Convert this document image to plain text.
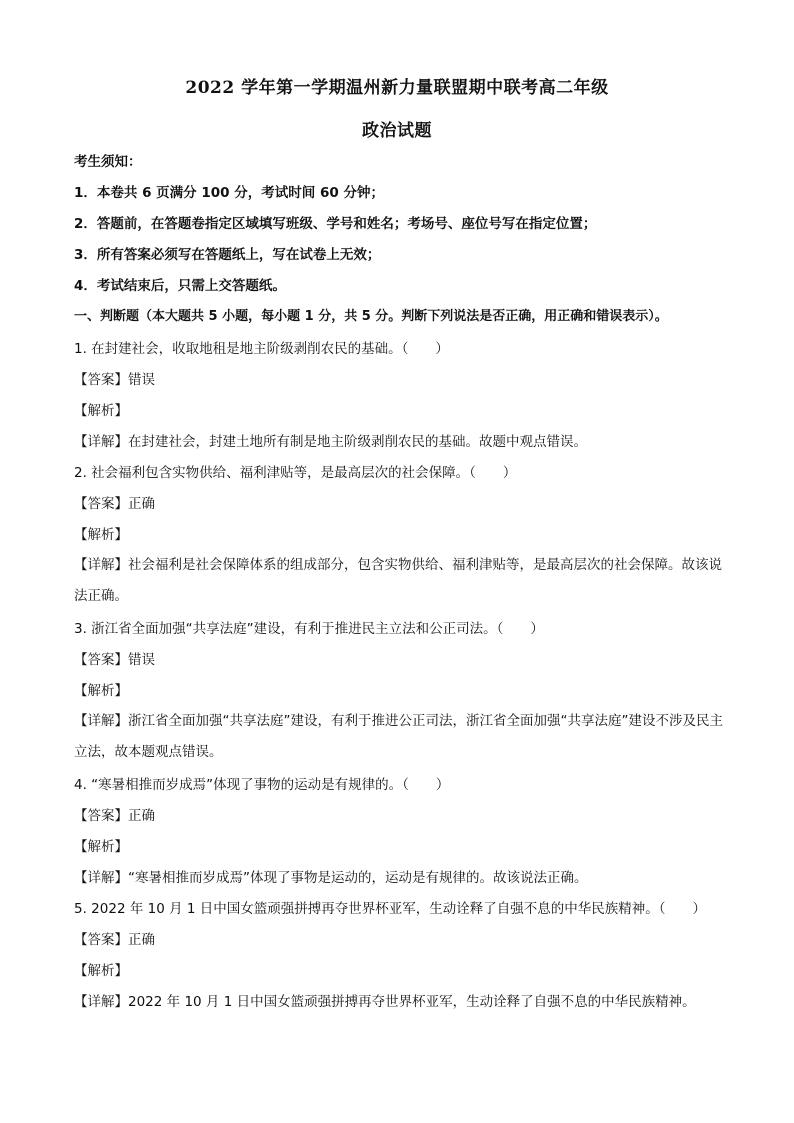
2022 学年第一学期温州新力量联盟期中联考高二年级
政治试题
考生须知：
1．本卷共 6 页满分 100 分，考试时间 60 分钟；
2．答题前，在答题卷指定区域填写班级、学号和姓名；考场号、座位号写在指定位置；
3．所有答案必须写在答题纸上，写在试卷上无效；
4．考试结束后，只需上交答题纸。
一、判断题（本大题共 5 小题，每小题 1 分，共 5 分。判断下列说法是否正确，用正确和错误表示）。
1. 在封建社会，收取地租是地主阶级剥削农民的基础。（　　）
【答案】错误
【解析】
【详解】在封建社会，封建土地所有制是地主阶级剥削农民的基础。故题中观点错误。
2. 社会福利包含实物供给、福利津贴等，是最高层次的社会保障。（　　）
【答案】正确
【解析】
【详解】社会福利是社会保障体系的组成部分，包含实物供给、福利津贴等，是最高层次的社会保障。故该说法正确。
3. 浙江省全面加强“共享法庭”建设，有利于推进民主立法和公正司法。（　　）
【答案】错误
【解析】
【详解】浙江省全面加强“共享法庭”建设，有利于推进公正司法，浙江省全面加强“共享法庭”建设不涉及民主立法，故本题观点错误。
4. “寒暑相推而岁成焉”体现了事物的运动是有规律的。（　　）
【答案】正确
【解析】
【详解】“寒暑相推而岁成焉”体现了事物是运动的，运动是有规律的。故该说法正确。
5. 2022 年 10 月 1 日中国女篮顽强拼搏再夺世界杯亚军，生动诠释了自强不息的中华民族精神。（　　）
【答案】正确
【解析】
【详解】2022 年 10 月 1 日中国女篮顽强拼搏再夺世界杯亚军，生动诠释了自强不息的中华民族精神。
